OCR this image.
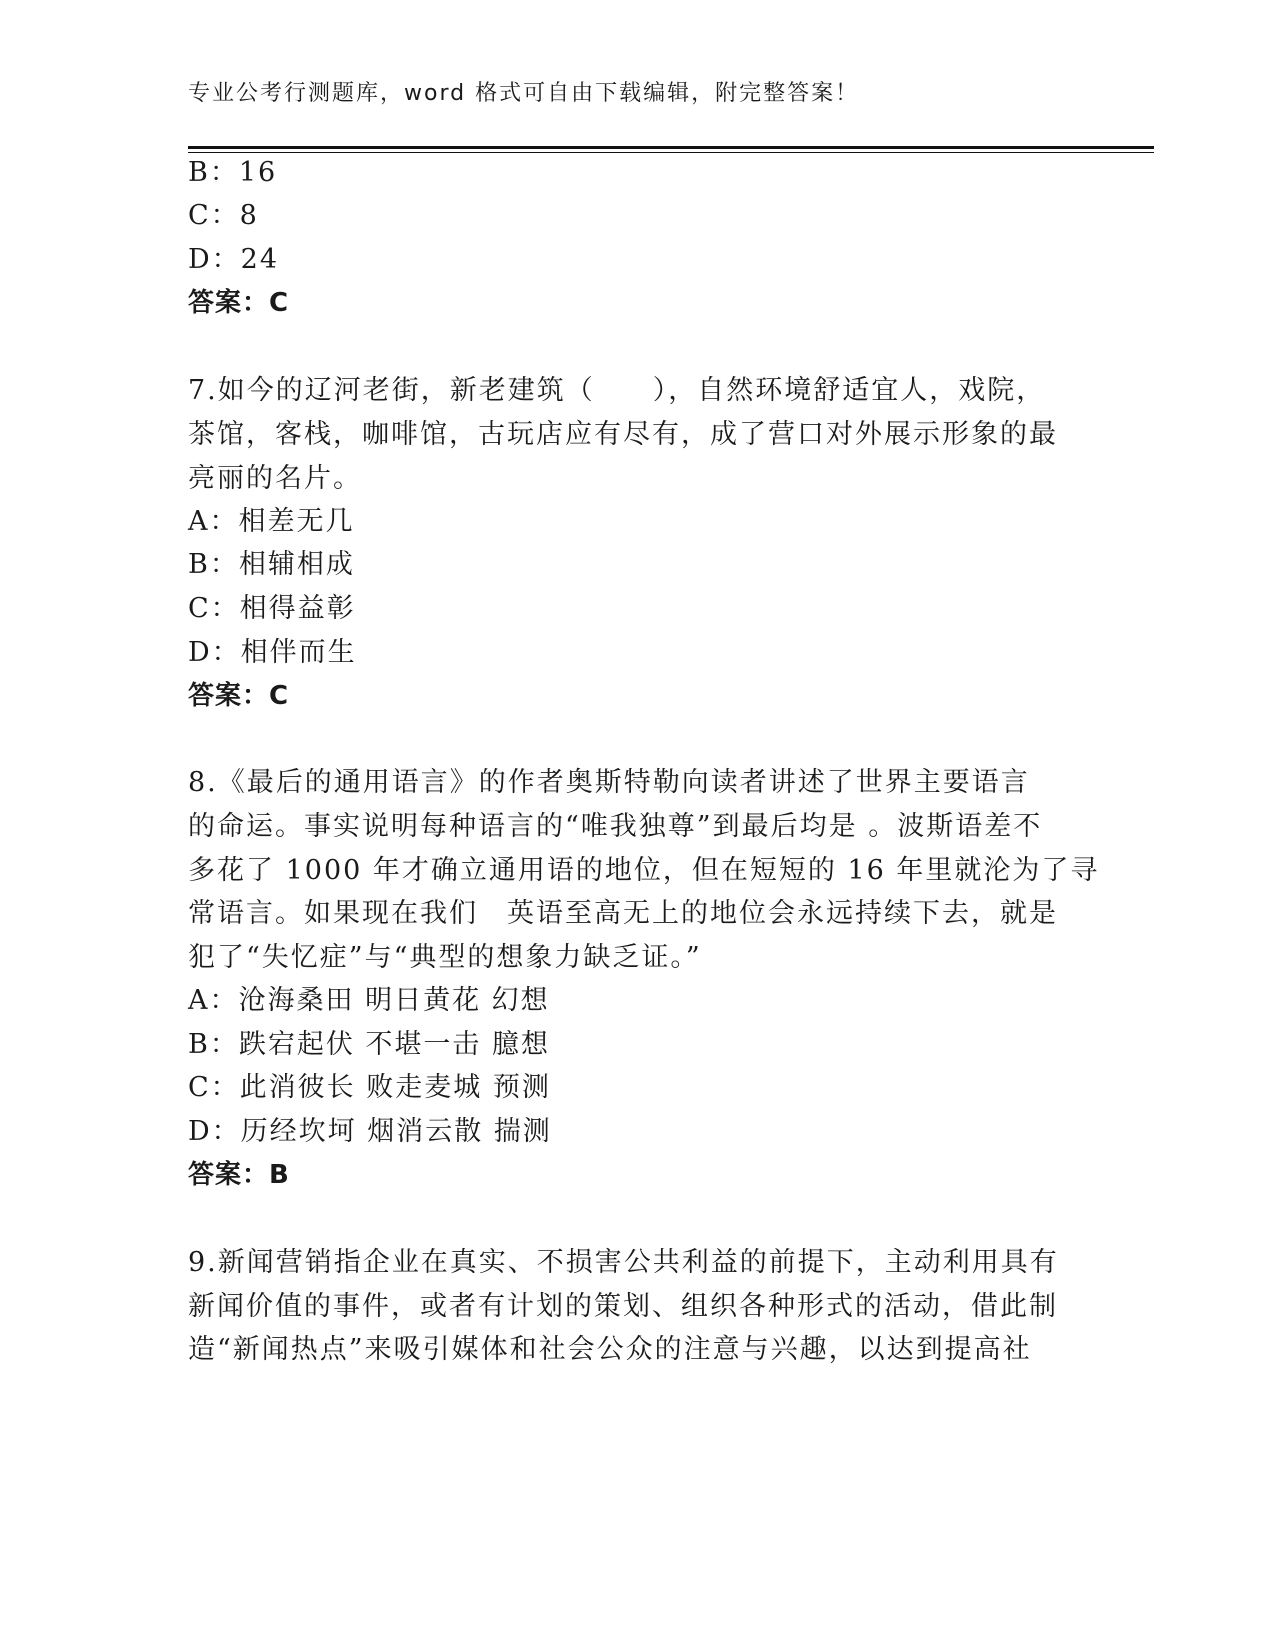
专业公考行测题库，word 格式可自由下载编辑，附完整答案！
B：16
C：8
D：24
答案：C
7.如今的辽河老街，新老建筑（　　），自然环境舒适宜人，戏院，
茶馆，客栈，咖啡馆，古玩店应有尽有，成了营口对外展示形象的最
亮丽的名片。
A：相差无几
B：相辅相成
C：相得益彰
D：相伴而生
答案：C
8.《最后的通用语言》的作者奥斯特勒向读者讲述了世界主要语言
的命运。事实说明每种语言的“唯我独尊”到最后均是 。波斯语差不
多花了 1000 年才确立通用语的地位，但在短短的 16 年里就沦为了寻
常语言。如果现在我们　英语至高无上的地位会永远持续下去，就是
犯了“失忆症”与“典型的想象力缺乏证。”
A：沧海桑田 明日黄花 幻想
B：跌宕起伏 不堪一击 臆想
C：此消彼长 败走麦城 预测
D：历经坎坷 烟消云散 揣测
答案：B
9.新闻营销指企业在真实、不损害公共利益的前提下，主动利用具有
新闻价值的事件，或者有计划的策划、组织各种形式的活动，借此制
造“新闻热点”来吸引媒体和社会公众的注意与兴趣，以达到提高社
